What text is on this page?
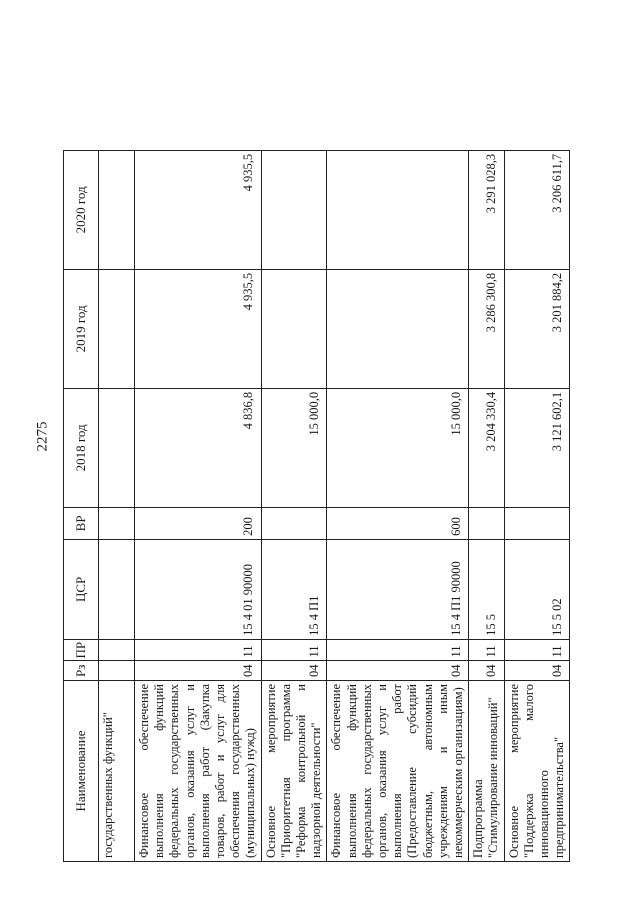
2275
Наименование	Рз	ПР	ЦСР	ВР	2018 год	2019 год	2020 год
государственных функций"							
Финансовое обеспечение выполнения функций федеральных государственных органов, оказания услуг и выполнения работ (Закупка товаров, работ и услуг для обеспечения государственных (муниципальных) нужд)	04	11	15 4 01 90000	200	4 836,8	4 935,5	4 935,5
Основное мероприятие "Приоритетная программа "Реформа контрольной и надзорной деятельности"	04	11	15 4 П1		15 000,0		
Финансовое обеспечение выполнения функций федеральных государственных органов, оказания услуг и выполнения работ (Предоставление субсидий бюджетным, автономным учреждениям и иным некоммерческим организациям)	04	11	15 4 П1 90000	600	15 000,0		
Подпрограмма "Стимулирование инноваций"	04	11	15 5		3 204 330,4	3 286 300,8	3 291 028,3
Основное мероприятие "Поддержка малого инновационного предпринимательства"	04	11	15 5 02		3 121 602,1	3 201 884,2	3 206 611,7
